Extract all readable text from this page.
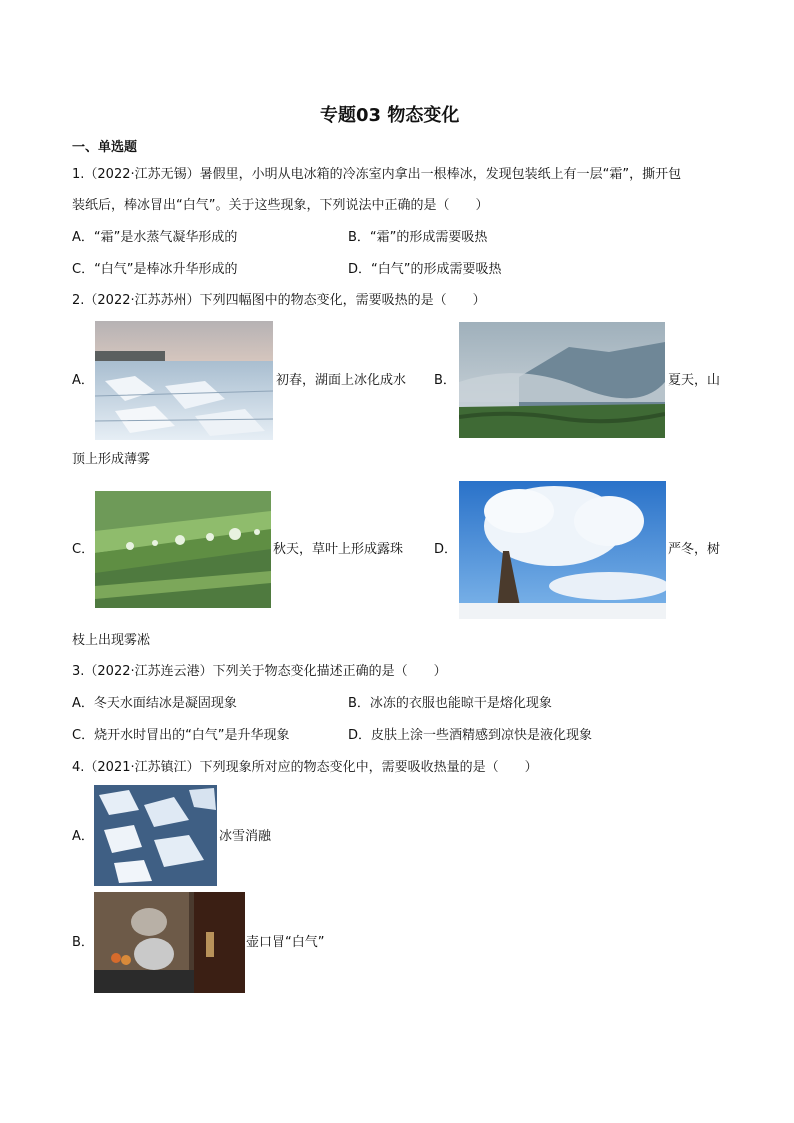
专题03 物态变化
一、单选题
1.（2022·江苏无锡）暑假里，小明从电冰箱的冷冻室内拿出一根棒冰，发现包装纸上有一层“霜”，撕开包
装纸后，棒冰冒出“白气”。关于这些现象，下列说法中正确的是（　　）
A．“霜”是水蒸气凝华形成的	B．“霜”的形成需要吸热
C．“白气”是棒冰升华形成的	D．“白气”的形成需要吸热
2.（2022·江苏苏州）下列四幅图中的物态变化，需要吸热的是（　　）
A．	初春，湖面上冰化成水 B．	夏天，山
顶上形成薄雾
C．	秋天，草叶上形成露珠 D．	严冬，树
枝上出现雾凇
3.（2022·江苏连云港）下列关于物态变化描述正确的是（　　）
A．冬天水面结冰是凝固现象	B．冰冻的衣服也能晾干是熔化现象
C．烧开水时冒出的“白气”是升华现象	D．皮肤上涂一些酒精感到凉快是液化现象
4.（2021·江苏镇江）下列现象所对应的物态变化中，需要吸收热量的是（　　）
A．	冰雪消融
B．	壶口冒“白气”
